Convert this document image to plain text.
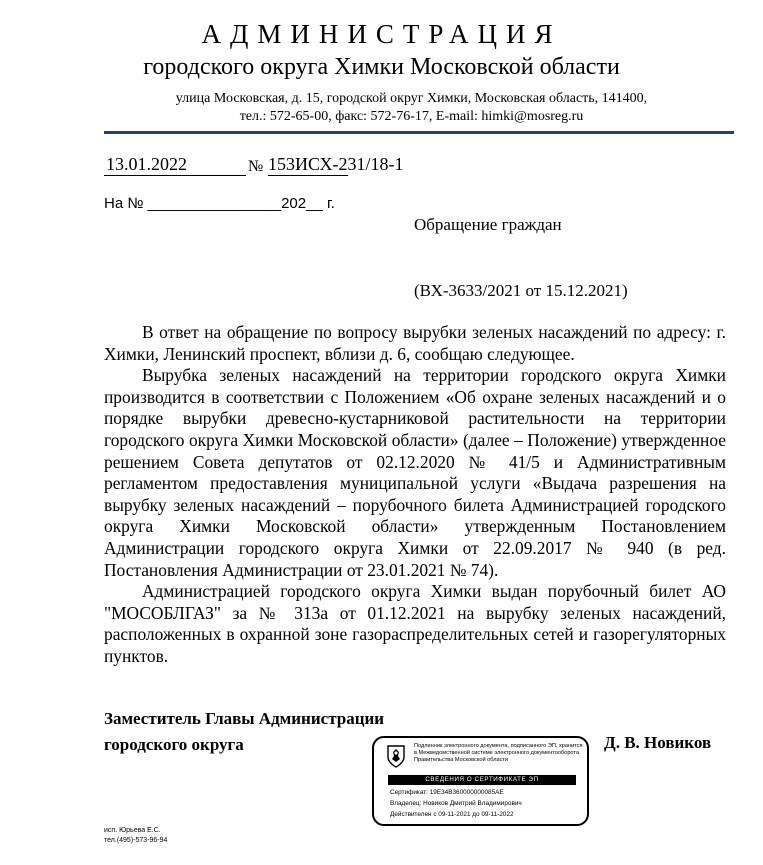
АДМИНИСТРАЦИЯ
городского округа Химки Московской области
улица Московская, д. 15, городской округ Химки, Московская область, 141400,
тел.: 572-65-00, факс: 572-76-17, E-mail: himki@mosreg.ru
13.01.2022	№ 153ИСХ-231/18-1
На № ________________202__ г.
Обращение граждан
(ВХ-3633/2021 от 15.12.2021)

В ответ на обращение по вопросу вырубки зеленых насаждений по адресу: г. Химки, Ленинский проспект, вблизи д. 6, сообщаю следующее.

Вырубка зеленых насаждений на территории городского округа Химки производится в соответствии с Положением «Об охране зеленых насаждений и о порядке вырубки древесно-кустарниковой растительности на территории городского округа Химки Московской области» (далее – Положение) утвержденное решением Совета депутатов от 02.12.2020 № 41/5 и Административным регламентом предоставления муниципальной услуги «Выдача разрешения на вырубку зеленых насаждений – порубочного билета Администрацией городского округа Химки Московской области» утвержденным Постановлением Администрации городского округа Химки от 22.09.2017 № 940 (в ред. Постановления Администрации от 23.01.2021 № 74).

Администрацией городского округа Химки выдан порубочный билет АО "МОСОБЛГАЗ" за № 313а от 01.12.2021 на вырубку зеленых насаждений, расположенных в охранной зоне газораспределительных сетей и газорегуляторных пунктов.

Заместитель Главы Администрации
городского округа	Д. В. Новиков
Подлинник электронного документа, подписанного ЭП, хранится в Межведомственной системе электронного документооборота Правительства Московской области
СВЕДЕНИЯ О СЕРТИФИКАТЕ ЭП
Сертификат: 19E34B360000000085AE
Владелец: Новиков Дмитрий Владимирович
Действителен с 09-11-2021 до 09-11-2022
исп. Юрьева Е.С.
тел.(495)-573-96-94
